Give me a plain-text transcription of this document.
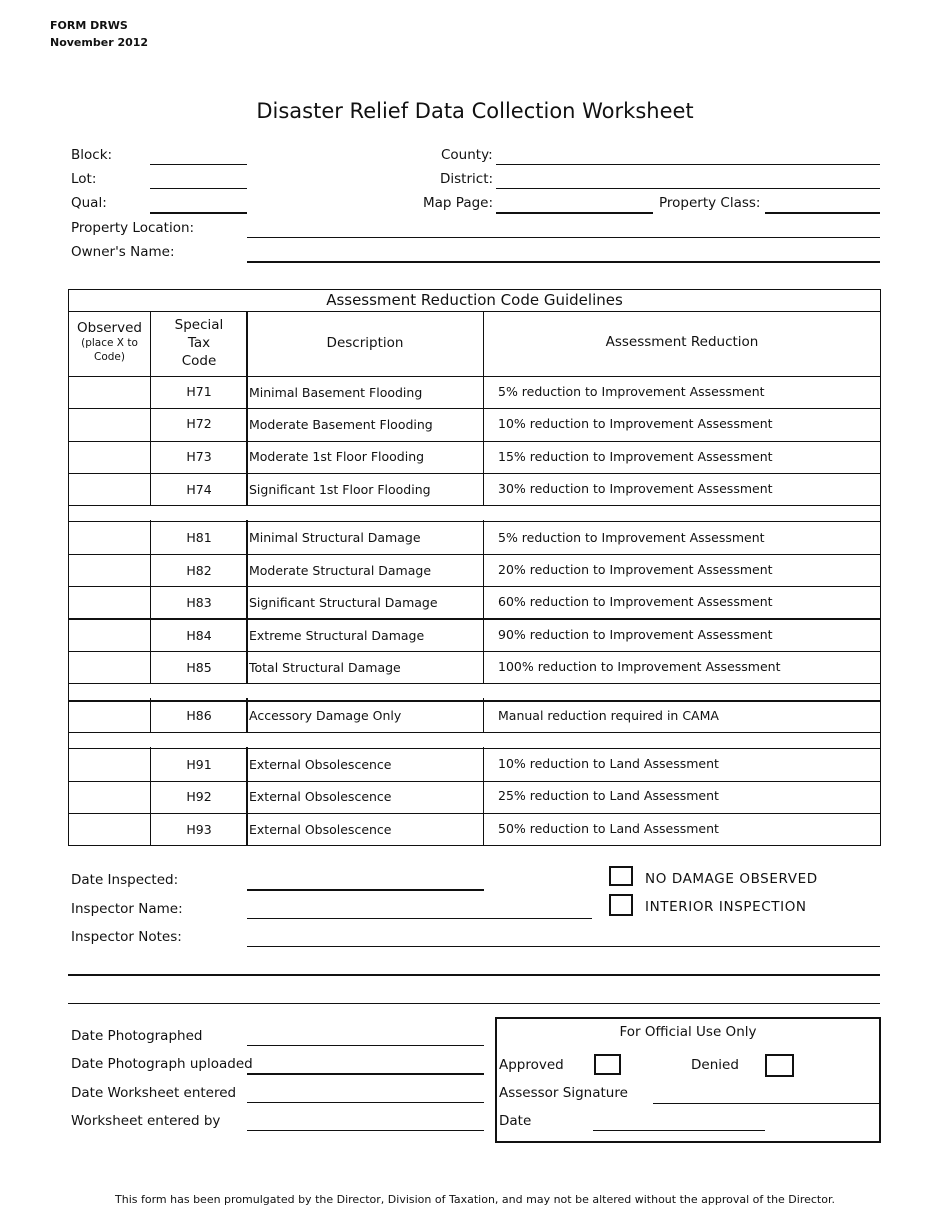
FORM DRWS
November 2012
Disaster Relief Data Collection Worksheet
Block:
Lot:
Qual:
Property Location:
Owner's Name:
County:
District:
Map Page:	Property Class:
Assessment Reduction Code Guidelines
Observed
(place X to
Code)
Special
Tax
Code
Description	Assessment Reduction
H71	Minimal Basement Flooding	5% reduction to Improvement Assessment
H72	Moderate Basement Flooding	10% reduction to Improvement Assessment
H73	Moderate 1st Floor Flooding	15% reduction to Improvement Assessment
H74	Significant 1st Floor Flooding	30% reduction to Improvement Assessment
H81	Minimal Structural Damage	5% reduction to Improvement Assessment
H82	Moderate Structural Damage	20% reduction to Improvement Assessment
H83	Significant Structural Damage	60% reduction to Improvement Assessment
H84	Extreme Structural Damage	90% reduction to Improvement Assessment
H85	Total Structural Damage	100% reduction to Improvement Assessment
H86	Accessory Damage Only	Manual reduction required in CAMA
H91	External Obsolescence	10% reduction to Land Assessment
H92	External Obsolescence	25% reduction to Land Assessment
H93	External Obsolescence	50% reduction to Land Assessment
Date Inspected:
Inspector Name:
Inspector Notes:
NO DAMAGE OBSERVED
INTERIOR INSPECTION
Date Photographed
Date Photograph uploaded
Date Worksheet entered
Worksheet entered by
For Official Use Only
Approved	Denied
Assessor Signature
Date
This form has been promulgated by the Director, Division of Taxation, and may not be altered without the approval of the Director.
